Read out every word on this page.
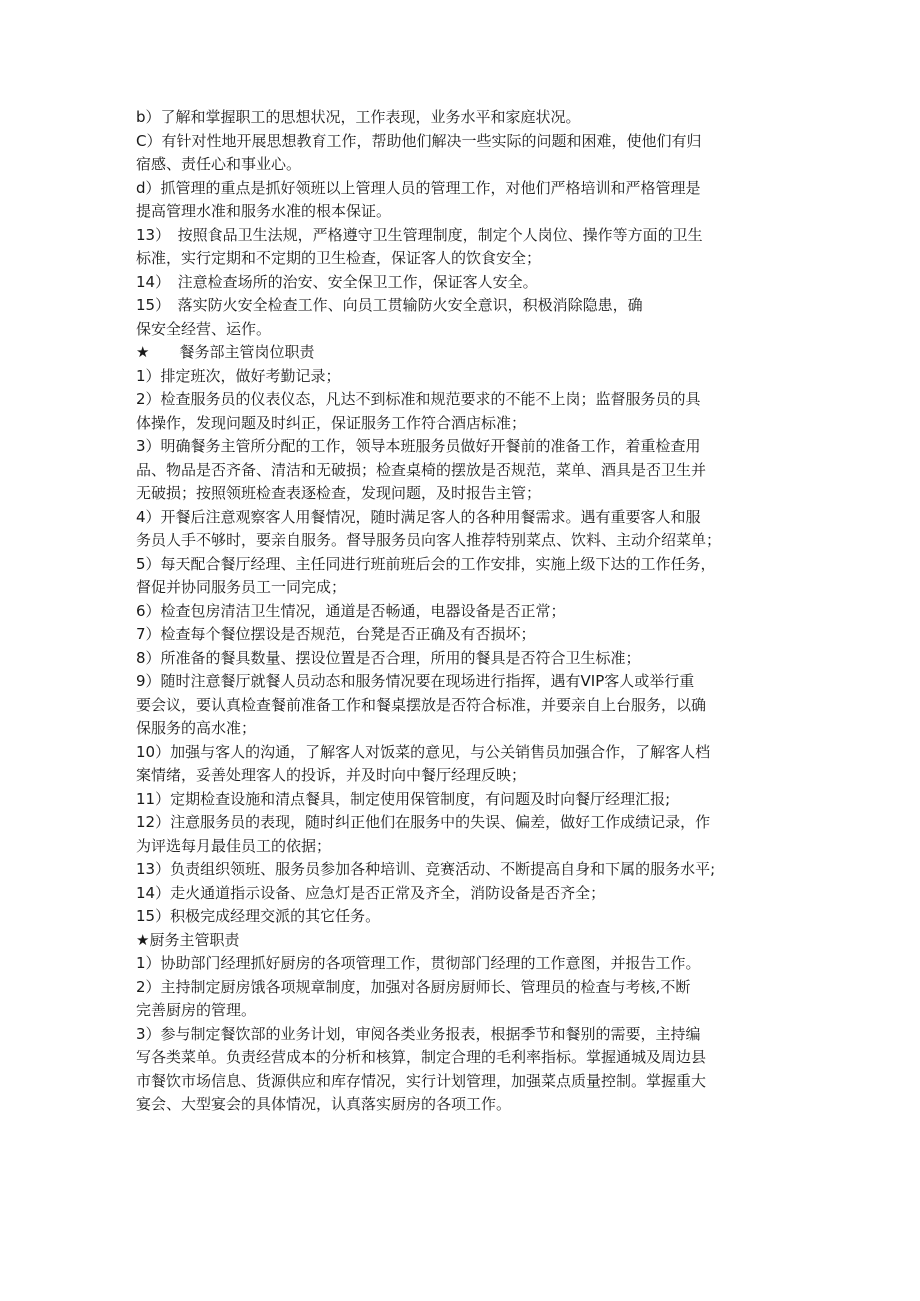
b）了解和掌握职工的思想状况，工作表现，业务水平和家庭状况。
C）有针对性地开展思想教育工作，帮助他们解决一些实际的问题和困难，使他们有归
宿感、责任心和事业心。
d）抓管理的重点是抓好领班以上管理人员的管理工作，对他们严格培训和严格管理是
提高管理水准和服务水准的根本保证。
13）　按照食品卫生法规，严格遵守卫生管理制度，制定个人岗位、操作等方面的卫生
标准，实行定期和不定期的卫生检查，保证客人的饮食安全；
14）　注意检查场所的治安、安全保卫工作，保证客人安全。
15）　落实防火安全检查工作、向员工贯输防火安全意识，积极消除隐患，确
保安全经营、运作。
★　　餐务部主管岗位职责
1）排定班次，做好考勤记录；
2）检查服务员的仪表仪态，凡达不到标准和规范要求的不能不上岗；监督服务员的具
体操作，发现问题及时纠正，保证服务工作符合酒店标准；
3）明确餐务主管所分配的工作，领导本班服务员做好开餐前的准备工作，着重检查用
品、物品是否齐备、清洁和无破损；检查桌椅的摆放是否规范，菜单、酒具是否卫生并
无破损；按照领班检查表逐检查，发现问题，及时报告主管；
4）开餐后注意观察客人用餐情况，随时满足客人的各种用餐需求。遇有重要客人和服
务员人手不够时，要亲自服务。督导服务员向客人推荐特别菜点、饮料、主动介绍菜单；
5）每天配合餐厅经理、主任同进行班前班后会的工作安排，实施上级下达的工作任务，
督促并协同服务员工一同完成；
6）检查包房清洁卫生情况，通道是否畅通，电器设备是否正常；
7）检查每个餐位摆设是否规范，台凳是否正确及有否损坏；
8）所准备的餐具数量、摆设位置是否合理，所用的餐具是否符合卫生标准；
9）随时注意餐厅就餐人员动态和服务情况要在现场进行指挥，遇有VIP客人或举行重
要会议，要认真检查餐前准备工作和餐桌摆放是否符合标准，并要亲自上台服务，以确
保服务的高水准；
10）加强与客人的沟通，了解客人对饭菜的意见，与公关销售员加强合作，了解客人档
案情绪，妥善处理客人的投诉，并及时向中餐厅经理反映；
11）定期检查设施和清点餐具，制定使用保管制度，有问题及时向餐厅经理汇报;
12）注意服务员的表现，随时纠正他们在服务中的失误、偏差，做好工作成绩记录，作
为评选每月最佳员工的依据；
13）负责组织领班、服务员参加各种培训、竞赛活动、不断提高自身和下属的服务水平;
14）走火通道指示设备、应急灯是否正常及齐全，消防设备是否齐全；
15）积极完成经理交派的其它任务。
★厨务主管职责
1）协助部门经理抓好厨房的各项管理工作，贯彻部门经理的工作意图，并报告工作。
2）主持制定厨房饿各项规章制度，加强对各厨房厨师长、管理员的检查与考核,不断
完善厨房的管理。
3）参与制定餐饮部的业务计划，审阅各类业务报表，根据季节和餐别的需要，主持编
写各类菜单。负责经营成本的分析和核算，制定合理的毛利率指标。掌握通城及周边县
市餐饮市场信息、货源供应和库存情况，实行计划管理，加强菜点质量控制。掌握重大
宴会、大型宴会的具体情况，认真落实厨房的各项工作。
